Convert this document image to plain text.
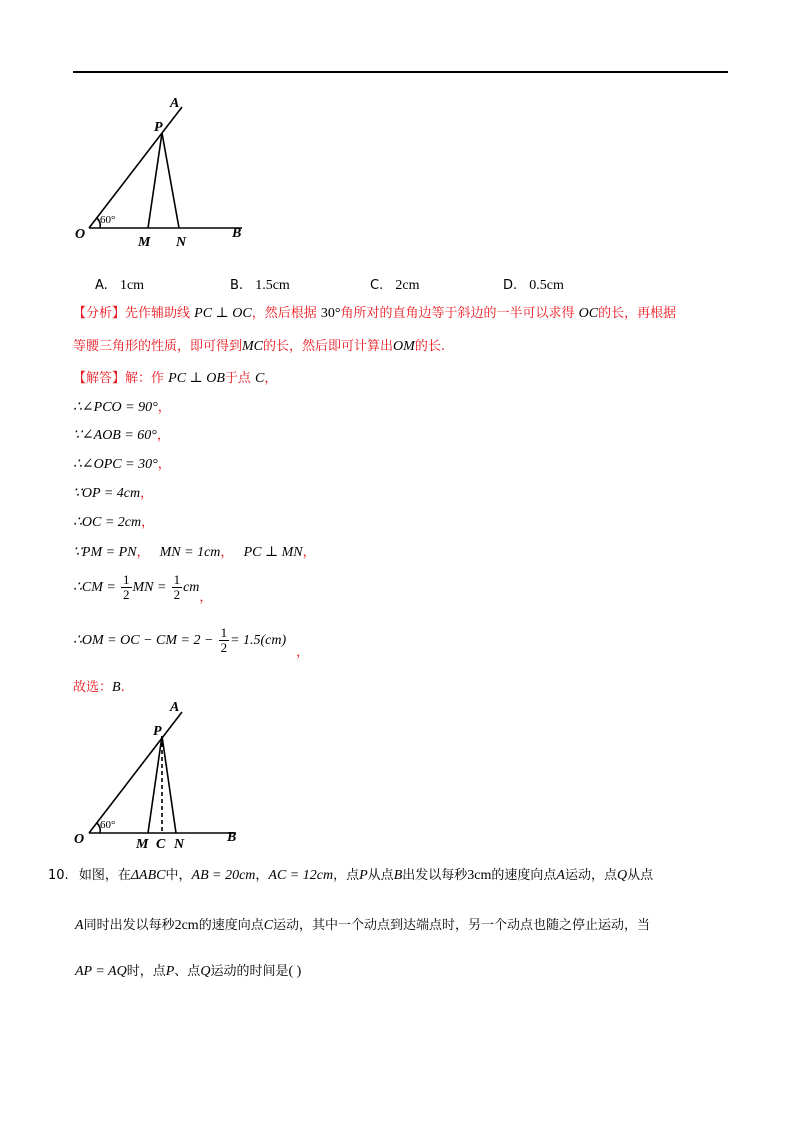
A
P
O
M N
B
60°
A. 1cm	B. 1.5cm	C. 2cm	D. 0.5cm
【分析】先作辅助线 PC ⊥ OC，然后根据 30°角所对的直角边等于斜边的一半可以求得 OC的长，再根据
等腰三角形的性质，即可得到MC的长，然后即可计算出OM的长.
【解答】解：作 PC ⊥ OB于点 C，
∴∠PCO = 90°，
∵∠AOB = 60°，
∴∠OPC = 30°，
∵OP = 4cm，
∴OC = 2cm，
∵PM = PN， MN = 1cm， PC ⊥ MN，
∴CM = $\frac{1}{2}$ MN = $\frac{1}{2}$ cm，
∴OM = OC − CM = $2 - \frac{1}{2} = 1.5(cm)$，
故选：B.
A
P
O	M C N	B
60°
10. 如图，在ΔABC中，AB = 20cm，AC = 12cm，点P从点B出发以每秒3cm的速度向点A运动，点Q从点
A同时出发以每秒2cm的速度向点C运动，其中一个动点到达端点时，另一个动点也随之停止运动，当
AP = AQ时，点P、点Q运动的时间是( )
